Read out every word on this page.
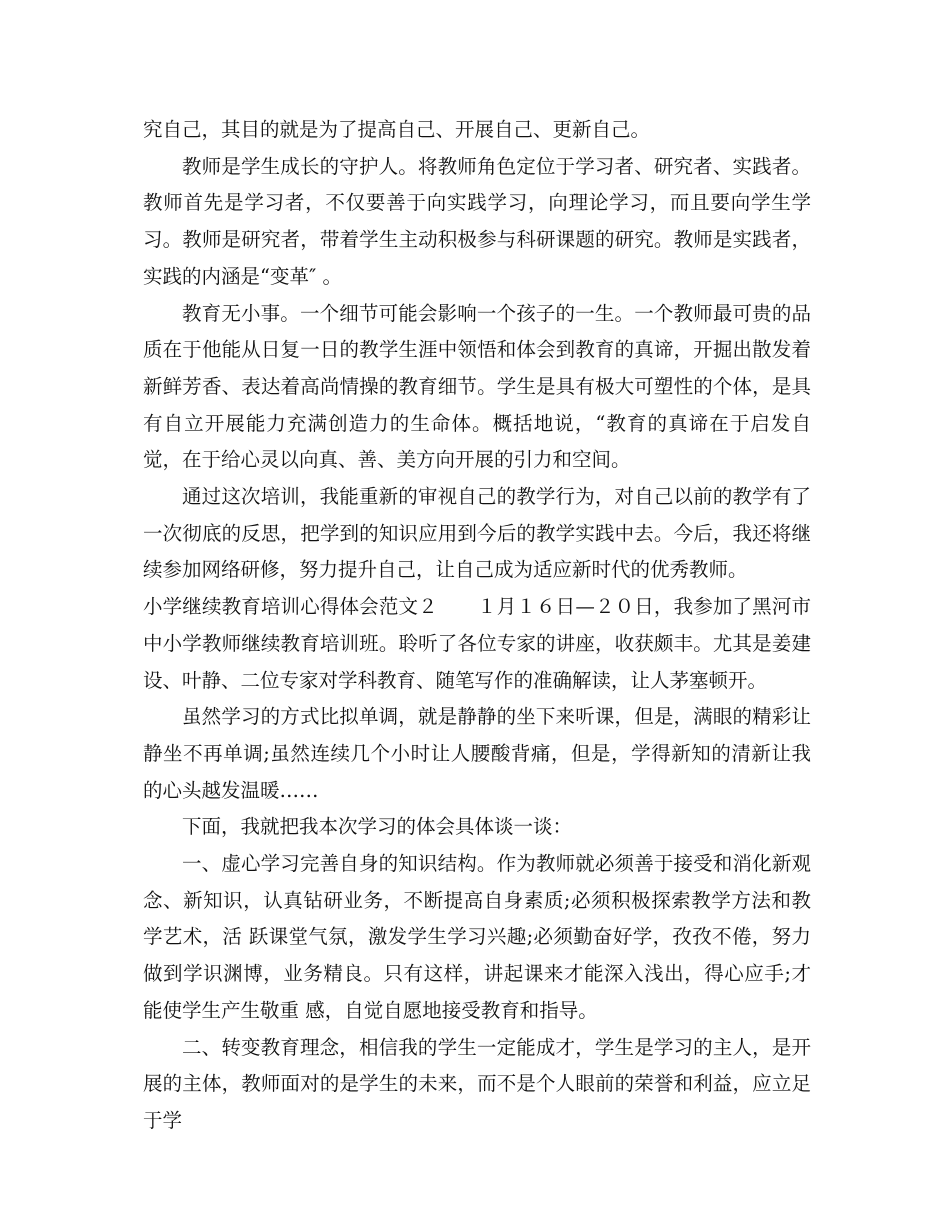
究自己，其目的就是为了提高自己、开展自己、更新自己。

教师是学生成长的守护人。将教师角色定位于学习者、研究者、实践者。教师首先是学习者，不仅要善于向实践学习，向理论学习，而且要向学生学习。教师是研究者，带着学生主动积极参与科研课题的研究。教师是实践者，实践的内涵是“变革″ 。

教育无小事。一个细节可能会影响一个孩子的一生。一个教师最可贵的品质在于他能从日复一日的教学生涯中领悟和体会到教育的真谛，开掘出散发着新鲜芳香、表达着高尚情操的教育细节。学生是具有极大可塑性的个体，是具有自立开展能力充满创造力的生命体。概括地说，“教育的真谛在于启发自觉，在于给心灵以向真、善、美方向开展的引力和空间。

通过这次培训，我能重新的审视自己的教学行为，对自己以前的教学有了一次彻底的反思，把学到的知识应用到今后的教学实践中去。今后，我还将继续参加网络研修，努力提升自己，让自己成为适应新时代的优秀教师。

小学继续教育培训心得体会范文２　　１月１６日—２０日，我参加了黑河市中小学教师继续教育培训班。聆听了各位专家的讲座，收获颇丰。尤其是姜建设、叶静、二位专家对学科教育、随笔写作的准确解读，让人茅塞顿开。

虽然学习的方式比拟单调，就是静静的坐下来听课，但是，满眼的精彩让静坐不再单调;虽然连续几个小时让人腰酸背痛，但是，学得新知的清新让我的心头越发温暖……

下面，我就把我本次学习的体会具体谈一谈：

一、虚心学习完善自身的知识结构。作为教师就必须善于接受和消化新观念、新知识，认真钻研业务，不断提高自身素质;必须积极探索教学方法和教学艺术，活 跃课堂气氛，激发学生学习兴趣;必须勤奋好学，孜孜不倦，努力做到学识渊博，业务精良。只有这样，讲起课来才能深入浅出，得心应手;才能使学生产生敬重 感，自觉自愿地接受教育和指导。

二、转变教育理念，相信我的学生一定能成才，学生是学习的主人，是开展的主体，教师面对的是学生的未来，而不是个人眼前的荣誉和利益，应立足于学
